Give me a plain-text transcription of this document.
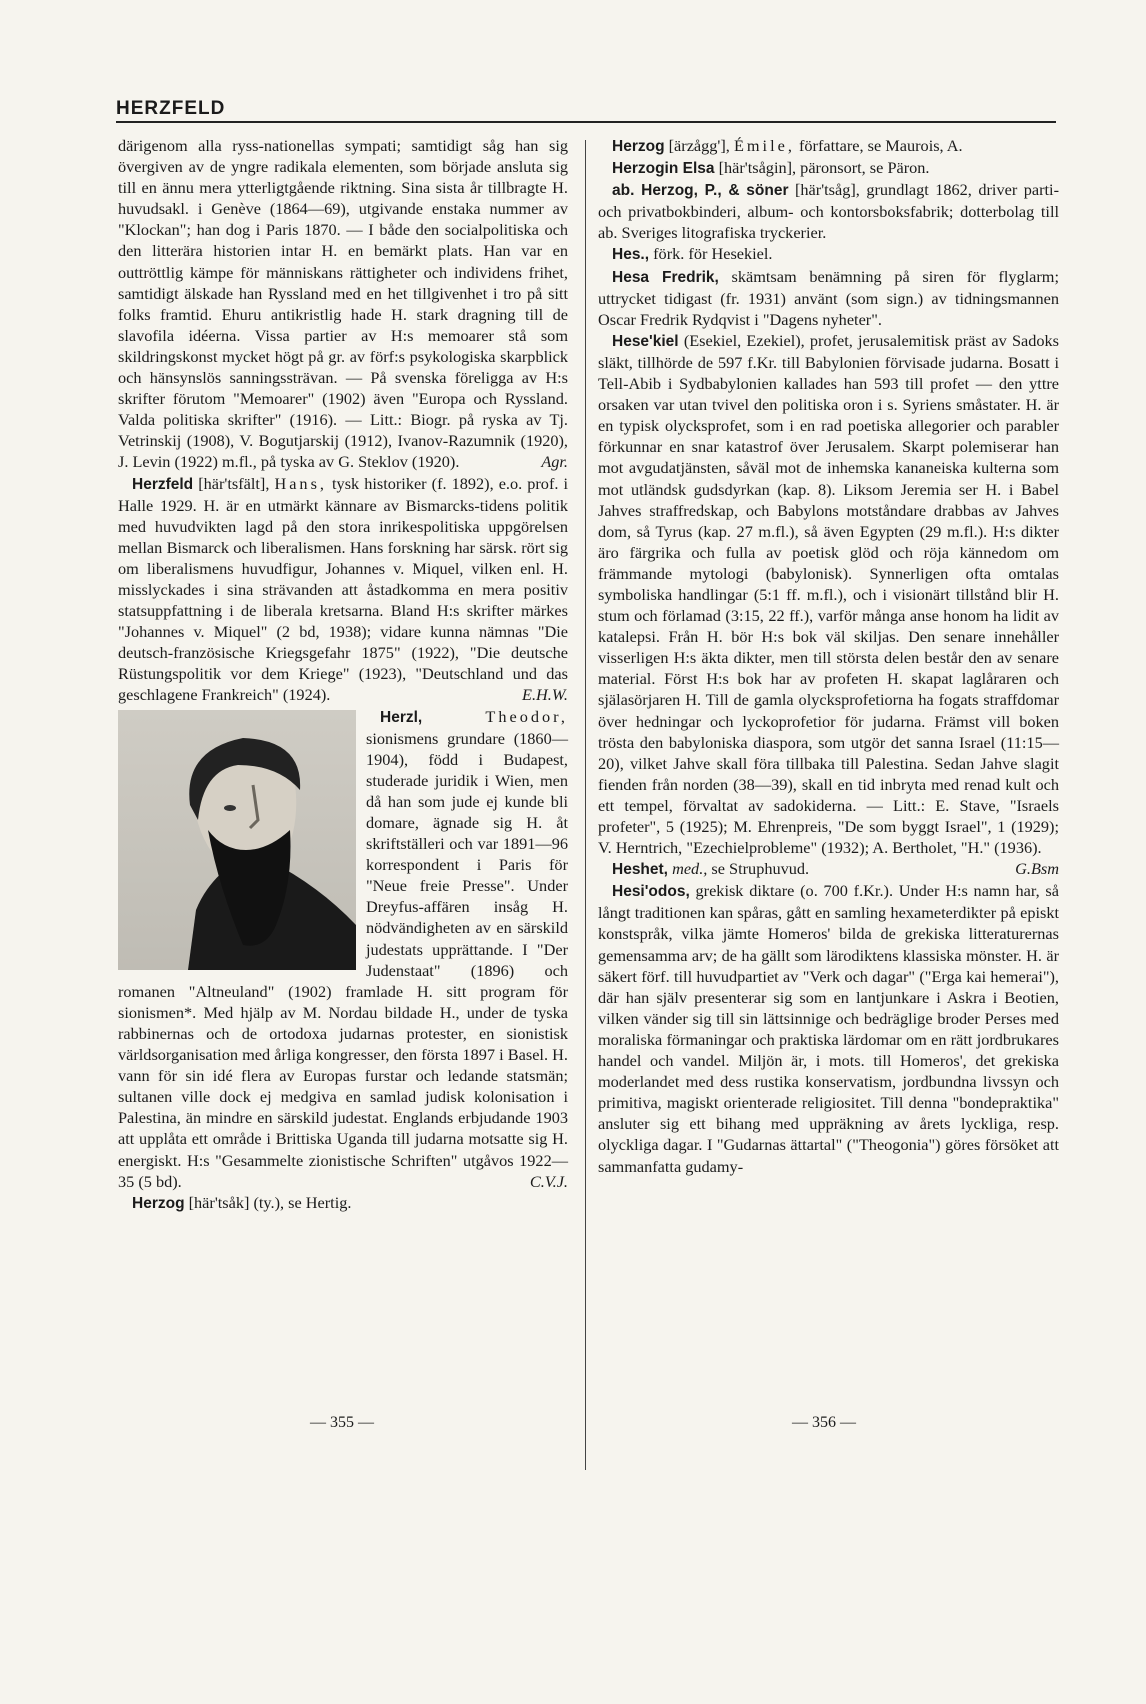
HERZFELD

därigenom alla ryss-nationellas sympati; samtidigt såg han sig övergiven av de yngre radikala elementen, som började ansluta sig till en ännu mera ytterligtgående riktning. Sina sista år tillbragte H. huvudsakl. i Genève (1864—69), utgivande enstaka nummer av "Klockan"; han dog i Paris 1870. — I både den socialpolitiska och den litterära historien intar H. en bemärkt plats. Han var en outtröttlig kämpe för människans rättigheter och individens frihet, samtidigt älskade han Ryssland med en het tillgivenhet i tro på sitt folks framtid. Ehuru antikristlig hade H. stark dragning till de slavofila idéerna. Vissa partier av H:s memoarer stå som skildringskonst mycket högt på gr. av förf:s psykologiska skarpblick och hänsynslös sanningssträvan. — På svenska föreligga av H:s skrifter förutom "Memoarer" (1902) även "Europa och Ryssland. Valda politiska skrifter" (1916). — Litt.: Biogr. på ryska av Tj. Vetrinskij (1908), V. Bogutjarskij (1912), Ivanov-Razumnik (1920), J. Levin (1922) m.fl., på tyska av G. Steklov (1920).	Agr.

Herzfeld [här'tsfält], Hans, tysk historiker (f. 1892), e.o. prof. i Halle 1929. H. är en utmärkt kännare av Bismarcks-tidens politik med huvudvikten lagd på den stora inrikespolitiska uppgörelsen mellan Bismarck och liberalismen. Hans forskning har särsk. rört sig om liberalismens huvudfigur, Johannes v. Miquel, vilken enl. H. misslyckades i sina strävanden att åstadkomma en mera positiv statsuppfattning i de liberala kretsarna. Bland H:s skrifter märkes "Johannes v. Miquel" (2 bd, 1938); vidare kunna nämnas "Die deutsch-französische Kriegsgefahr 1875" (1922), "Die deutsche Rüstungspolitik vor dem Kriege" (1923), "Deutschland und das geschlagene Frankreich" (1924).	E.H.W.

Herzl,	Theodor,
sionismens grundare (1860—1904), född i Budapest, studerade juridik i Wien, men då han som jude ej kunde bli domare, ägnade sig H. åt skriftställeri och var 1891—96 korrespondent i Paris för "Neue freie Presse". Under Dreyfus-affären insåg H. nödvändigheten av en särskild judestats upprättande. I "Der Judenstaat" (1896) och romanen "Altneuland" (1902) framlade H. sitt program för sionismen*. Med hjälp av M. Nordau bildade H., under de tyska rabbinernas och de ortodoxa judarnas protester, en sionistisk världsorganisation med årliga kongresser, den första 1897 i Basel. H. vann för sin idé flera av Europas furstar och ledande statsmän; sultanen ville dock ej medgiva en samlad judisk kolonisation i Palestina, än mindre en särskild judestat. Englands erbjudande 1903 att upplåta ett område i Brittiska Uganda till judarna motsatte sig H. energiskt. H:s "Gesammelte zionistische Schriften" utgåvos 1922—35 (5 bd).	C.V.J.

Herzog [här'tsåk] (ty.), se Hertig.

Herzog [ärzågg'], Émile, författare, se Maurois, A.

Herzogin Elsa [här'tsågin], päronsort, se Päron.

ab. Herzog, P., & söner [här'tsåg], grundlagt 1862, driver parti- och privatbokbinderi, album- och kontorsboksfabrik; dotterbolag till ab. Sveriges litografiska tryckerier.

Hes., förk. för Hesekiel.

Hesa Fredrik, skämtsam benämning på siren för flyglarm; uttrycket tidigast (fr. 1931) använt (som sign.) av tidningsmannen Oscar Fredrik Rydqvist i "Dagens nyheter".

Hese'kiel (Esekiel, Ezekiel), profet, jerusalemitisk präst av Sadoks släkt, tillhörde de 597 f.Kr. till Babylonien förvisade judarna. Bosatt i Tell-Abib i Sydbabylonien kallades han 593 till profet — den yttre orsaken var utan tvivel den politiska oron i s. Syriens småstater. H. är en typisk olycksprofet, som i en rad poetiska allegorier och parabler förkunnar en snar katastrof över Jerusalem. Skarpt polemiserar han mot avgudatjänsten, såväl mot de inhemska kananeiska kulterna som mot utländsk gudsdyrkan (kap. 8). Liksom Jeremia ser H. i Babel Jahves straffredskap, och Babylons motståndare drabbas av Jahves dom, så Tyrus (kap. 27 m.fl.), så även Egypten (29 m.fl.). H:s dikter äro färgrika och fulla av poetisk glöd och röja kännedom om främmande mytologi (babylonisk). Synnerligen ofta omtalas symboliska handlingar (5:1 ff. m.fl.), och i visionärt tillstånd blir H. stum och förlamad (3:15, 22 ff.), varför många anse honom ha lidit av katalepsi. Från H. bör H:s bok väl skiljas. Den senare innehåller visserligen H:s äkta dikter, men till största delen består den av senare material. Först H:s bok har av profeten H. skapat laglåraren och själasörjaren H. Till de gamla olycksprofetiorna ha fogats straffdomar över hedningar och lyckoprofetior för judarna. Främst vill boken trösta den babyloniska diaspora, som utgör det sanna Israel (11:15—20), vilket Jahve skall föra tillbaka till Palestina. Sedan Jahve slagit fienden från norden (38—39), skall en tid inbryta med renad kult och ett tempel, förvaltat av sadokiderna. — Litt.: E. Stave, "Israels profeter", 5 (1925); M. Ehrenpreis, "De som byggt Israel", 1 (1929); V. Herntrich, "Ezechielprobleme" (1932); A. Bertholet, "H." (1936).
G.Bsm

Heshet, med., se Struphuvud.

Hesi'odos, grekisk diktare (o. 700 f.Kr.). Under H:s namn har, så långt traditionen kan spåras, gått en samling hexameterdikter på episkt konstspråk, vilka jämte Homeros' bilda de grekiska litteraturernas gemensamma arv; de ha gällt som lärodiktens klassiska mönster. H. är säkert förf. till huvudpartiet av "Verk och dagar" ("Erga kai hemerai"), där han själv presenterar sig som en lantjunkare i Askra i Beotien, vilken vänder sig till sin lättsinnige och bedräglige broder Perses med moraliska förmaningar och praktiska lärdomar om en rätt jordbrukares handel och vandel. Miljön är, i mots. till Homeros', det grekiska moderlandet med dess rustika konservatism, jordbundna livssyn och primitiva, magiskt orienterade religiositet. Till denna "bondepraktika" ansluter sig ett bihang med uppräkning av årets lyckliga, resp. olyckliga dagar. I "Gudarnas ättartal" ("Theogonia") göres försöket att sammanfatta gudamy-

— 355 —	— 356 —
